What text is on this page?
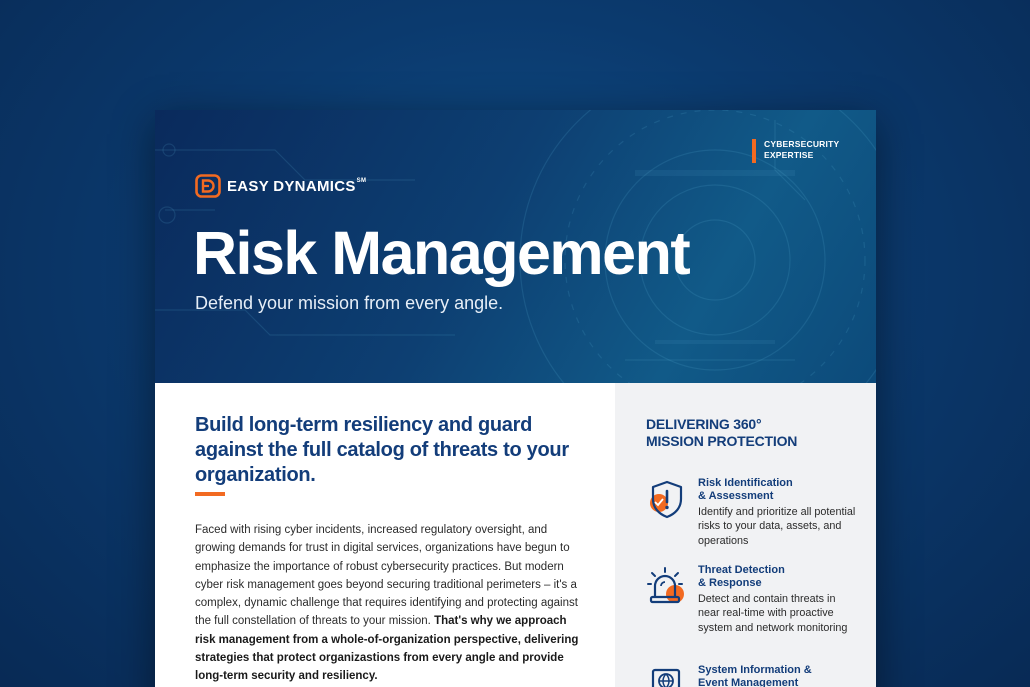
CYBERSECURITY
EXPERTISE
EASY DYNAMICS℠
Risk Management
Defend your mission from every angle.
Build long-term resiliency and guard against the full catalog of threats to your organization.
Faced with rising cyber incidents, increased regulatory oversight, and growing demands for trust in digital services, organizations have begun to emphasize the importance of robust cybersecurity practices. But modern cyber risk management goes beyond securing traditional perimeters – it's a complex, dynamic challenge that requires identifying and protecting against the full constellation of threats to your mission. That's why we approach risk management from a whole-of-organization perspective, delivering strategies that protect organizastions from every angle and provide long-term security and resiliency.
DELIVERING 360°
MISSION PROTECTION
Risk Identification
& Assessment
Identify and prioritize all potential risks to your data, assets, and operations
Threat Detection
& Response
Detect and contain threats in near real-time with proactive system and network monitoring
System Information &
Event Management
